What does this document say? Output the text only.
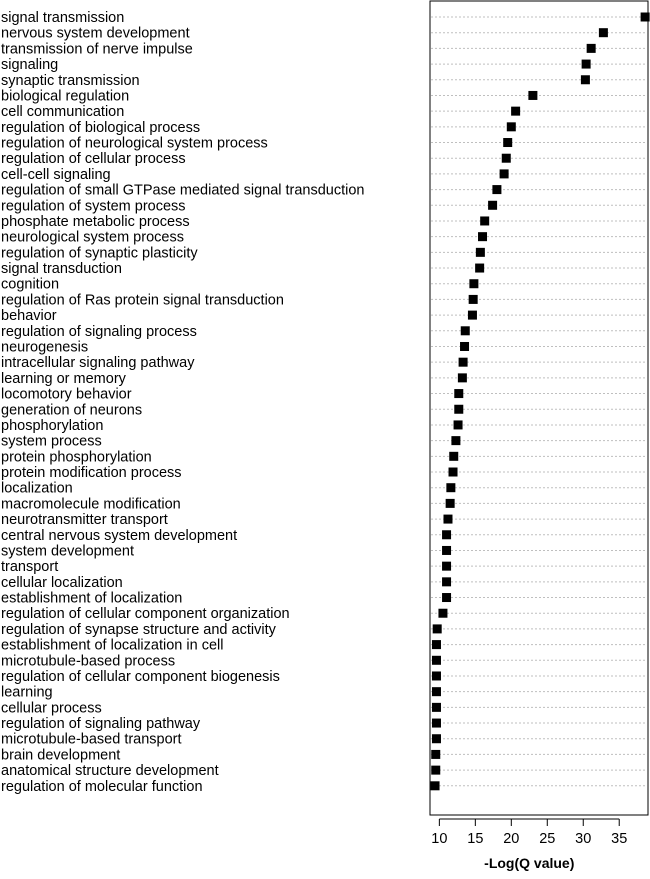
signal transmission
nervous system development
transmission of nerve impulse
signaling
synaptic transmission
biological regulation
cell communication
regulation of biological process
regulation of neurological system process
regulation of cellular process
cell-cell signaling
regulation of small GTPase mediated signal transduction
regulation of system process
phosphate metabolic process
neurological system process
regulation of synaptic plasticity
signal transduction
cognition
regulation of Ras protein signal transduction
behavior
regulation of signaling process
neurogenesis
intracellular signaling pathway
learning or memory
locomotory behavior
generation of neurons
phosphorylation
system process
protein phosphorylation
protein modification process
localization
macromolecule modification
neurotransmitter transport
central nervous system development
system development
transport
cellular localization
establishment of localization
regulation of cellular component organization
regulation of synapse structure and activity
establishment of localization in cell
microtubule-based process
regulation of cellular component biogenesis
learning
cellular process
regulation of signaling pathway
microtubule-based transport
brain development
anatomical structure development
regulation of molecular function
10 15 20 25 30 35
-Log(Q value)
